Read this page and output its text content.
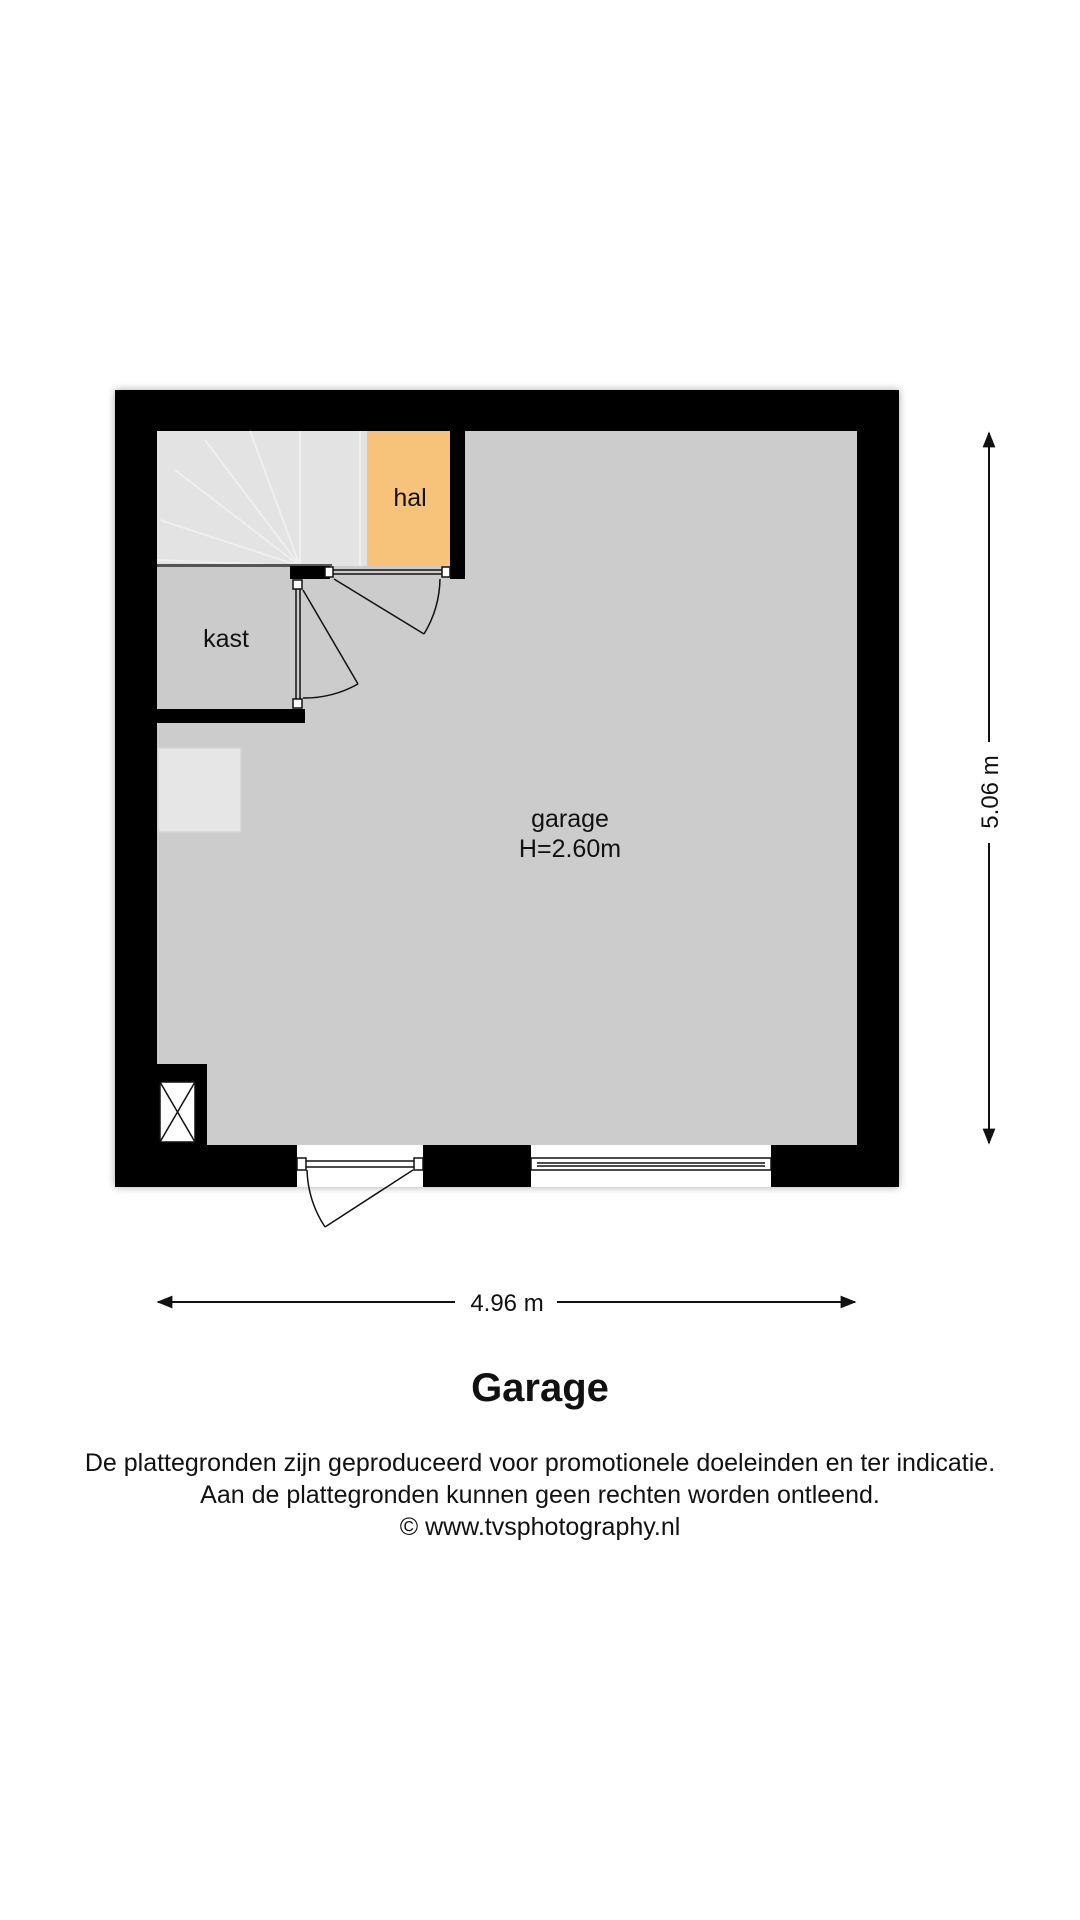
hal
kast
garage
H=2.60m
5.06 m
4.96 m
Garage
De plattegronden zijn geproduceerd voor promotionele doeleinden en ter indicatie.
Aan de plattegronden kunnen geen rechten worden ontleend.
© www.tvsphotography.nl
